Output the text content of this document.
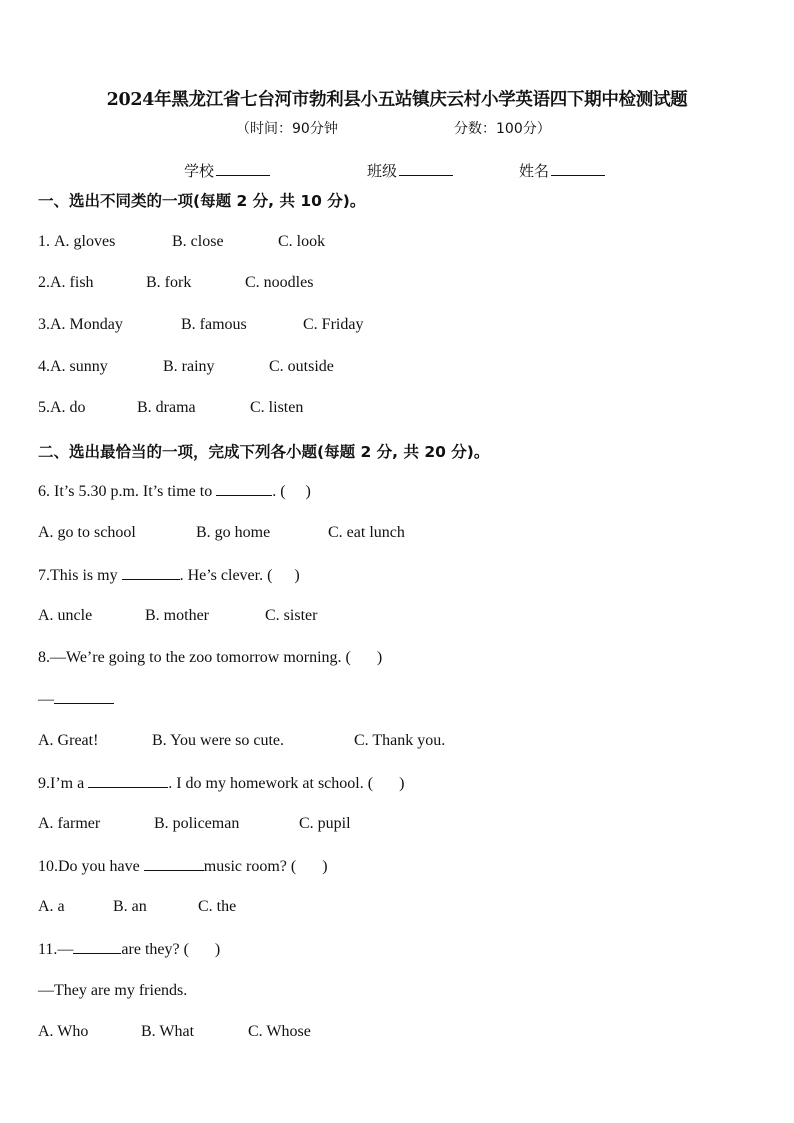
2024年黑龙江省七台河市勃利县小五站镇庆云村小学英语四下期中检测试题
（时间：90分钟	分数：100分）
学校	班级	姓名
一、选出不同类的一项(每题 2 分, 共 10 分)。
1. A. gloves	B. close	C. look
2.A. fish	B. fork	C. noodles
3.A. Monday	B. famous	C. Friday
4.A. sunny	B. rainy	C. outside
5.A. do	B. drama	C. listen
二、选出最恰当的一项，完成下列各小题(每题 2 分, 共 20 分)。
6. It’s 5.30 p.m. It’s time to	. ( )
A. go to school	B. go home	C. eat lunch
7.This is my	. He’s clever. ( )
A. uncle	B. mother	C. sister
8.—We’re going to the zoo tomorrow morning. ( )
—
A. Great!	B. You were so cute.	C. Thank you.
9.I’m a	. I do my homework at school. ( )
A. farmer	B. policeman	C. pupil
10.Do you have	music room? ( )
A. a	B. an	C. the
11.—	are they? ( )
—They are my friends.
A. Who	B. What	C. Whose
